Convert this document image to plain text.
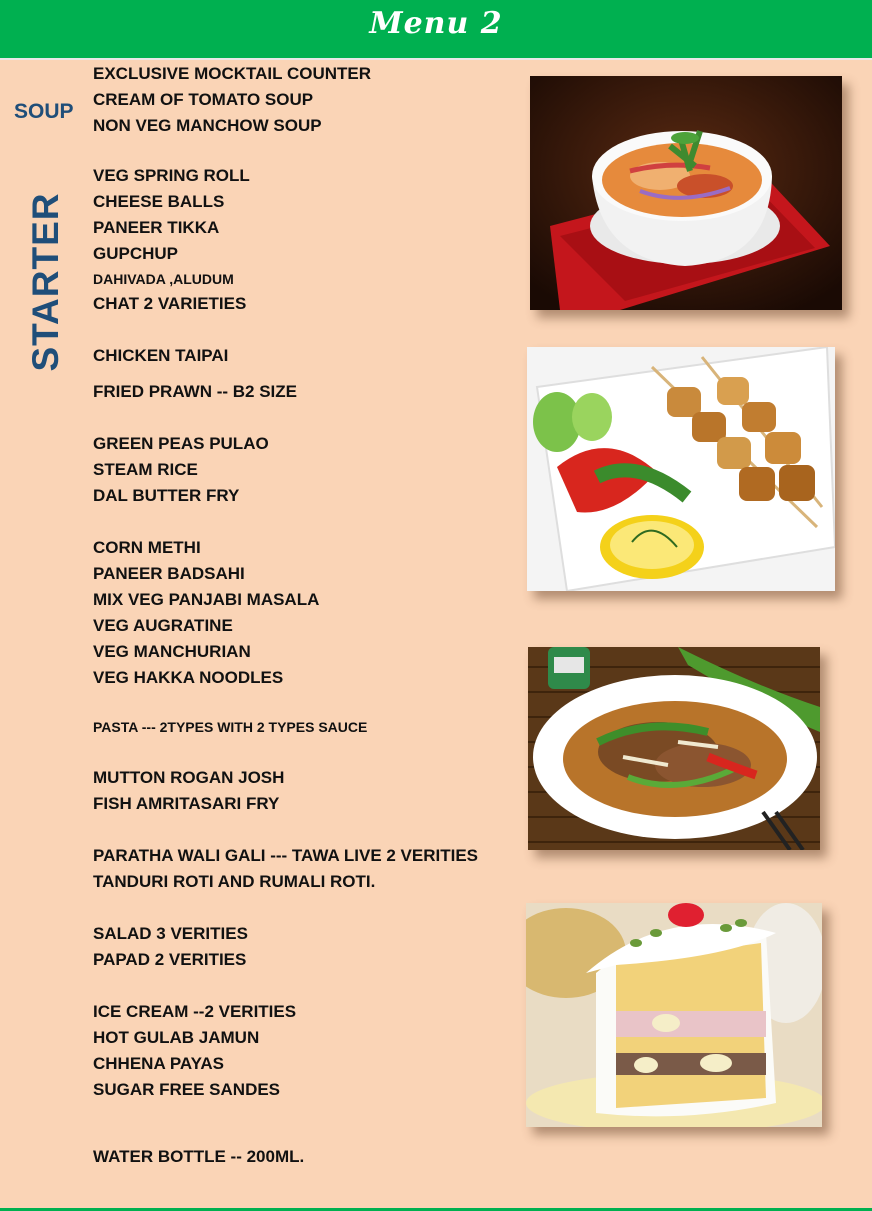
Menu 2
SOUP
STARTER
EXCLUSIVE MOCKTAIL COUNTER
CREAM OF TOMATO SOUP
NON VEG MANCHOW SOUP
VEG SPRING ROLL
CHEESE BALLS
PANEER TIKKA
GUPCHUP
DAHIVADA ,ALUDUM
CHAT 2 VARIETIES
CHICKEN TAIPAI
FRIED PRAWN -- B2 SIZE
GREEN PEAS PULAO
STEAM RICE
DAL BUTTER FRY
CORN METHI
PANEER BADSAHI
MIX VEG PANJABI MASALA
VEG AUGRATINE
VEG MANCHURIAN
VEG HAKKA NOODLES
PASTA --- 2TYPES WITH 2 TYPES SAUCE
MUTTON ROGAN JOSH
FISH AMRITASARI FRY
PARATHA WALI GALI --- TAWA LIVE 2 VERITIES
TANDURI ROTI AND RUMALI ROTI.
SALAD 3 VERITIES
PAPAD 2 VERITIES
ICE CREAM --2 VERITIES
HOT GULAB JAMUN
CHHENA PAYAS
SUGAR FREE SANDES
WATER BOTTLE -- 200ML.
